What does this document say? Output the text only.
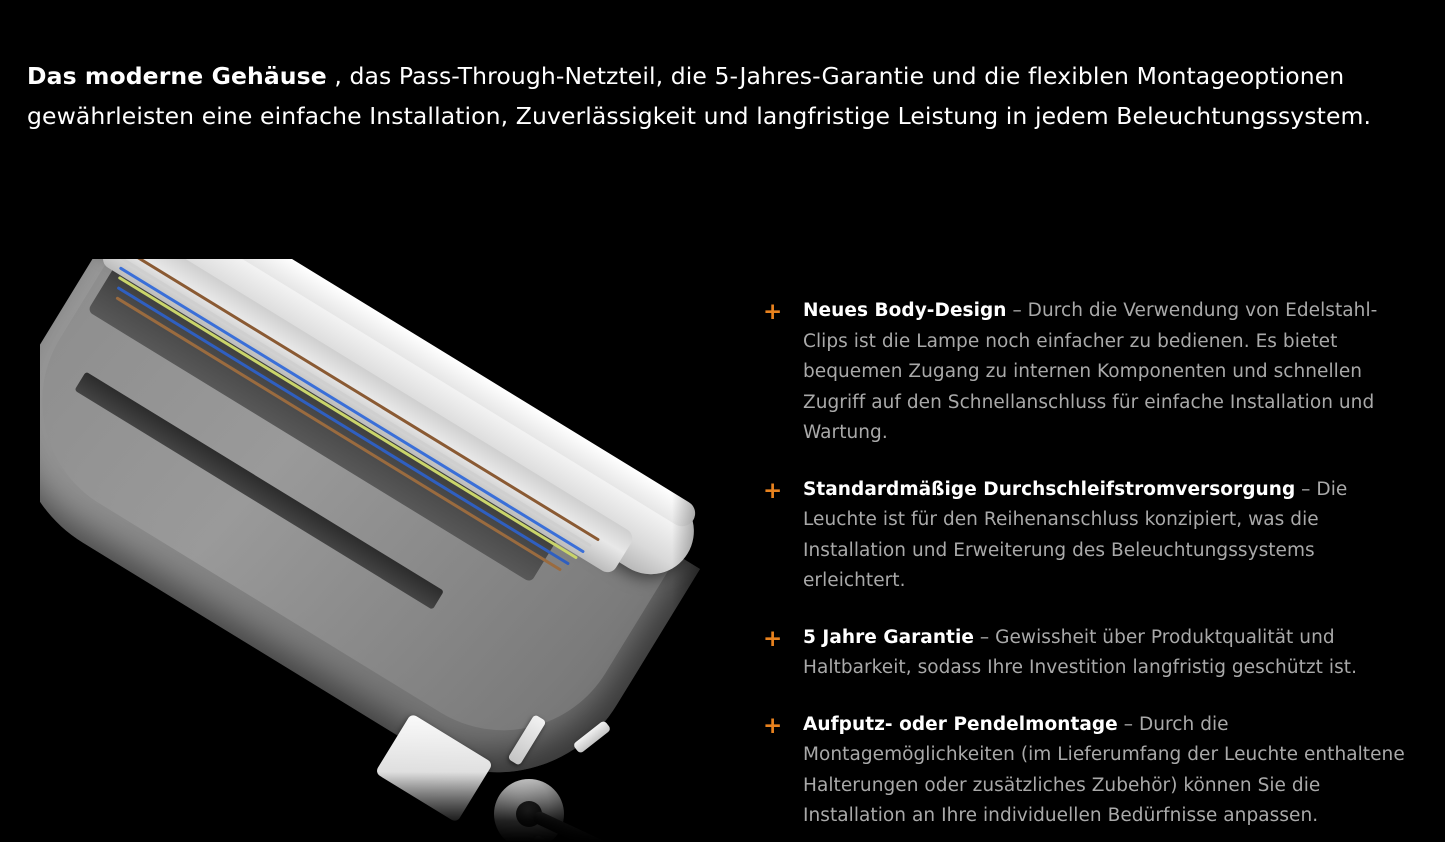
Das moderne Gehäuse , das Pass-Through-Netzteil, die 5-Jahres-Garantie und die flexiblen Montageoptionen gewährleisten eine einfache Installation, Zuverlässigkeit und langfristige Leistung in jedem Beleuchtungssystem.

+ Neues Body-Design – Durch die Verwendung von Edelstahl-Clips ist die Lampe noch einfacher zu bedienen. Es bietet bequemen Zugang zu internen Komponenten und schnellen Zugriff auf den Schnellanschluss für einfache Installation und Wartung.
+ Standardmäßige Durchschleifstromversorgung – Die Leuchte ist für den Reihenanschluss konzipiert, was die Installation und Erweiterung des Beleuchtungssystems erleichtert.
+ 5 Jahre Garantie – Gewissheit über Produktqualität und Haltbarkeit, sodass Ihre Investition langfristig geschützt ist.
+ Aufputz- oder Pendelmontage – Durch die Montagemöglichkeiten (im Lieferumfang der Leuchte enthaltene Halterungen oder zusätzliches Zubehör) können Sie die Installation an Ihre individuellen Bedürfnisse anpassen.
